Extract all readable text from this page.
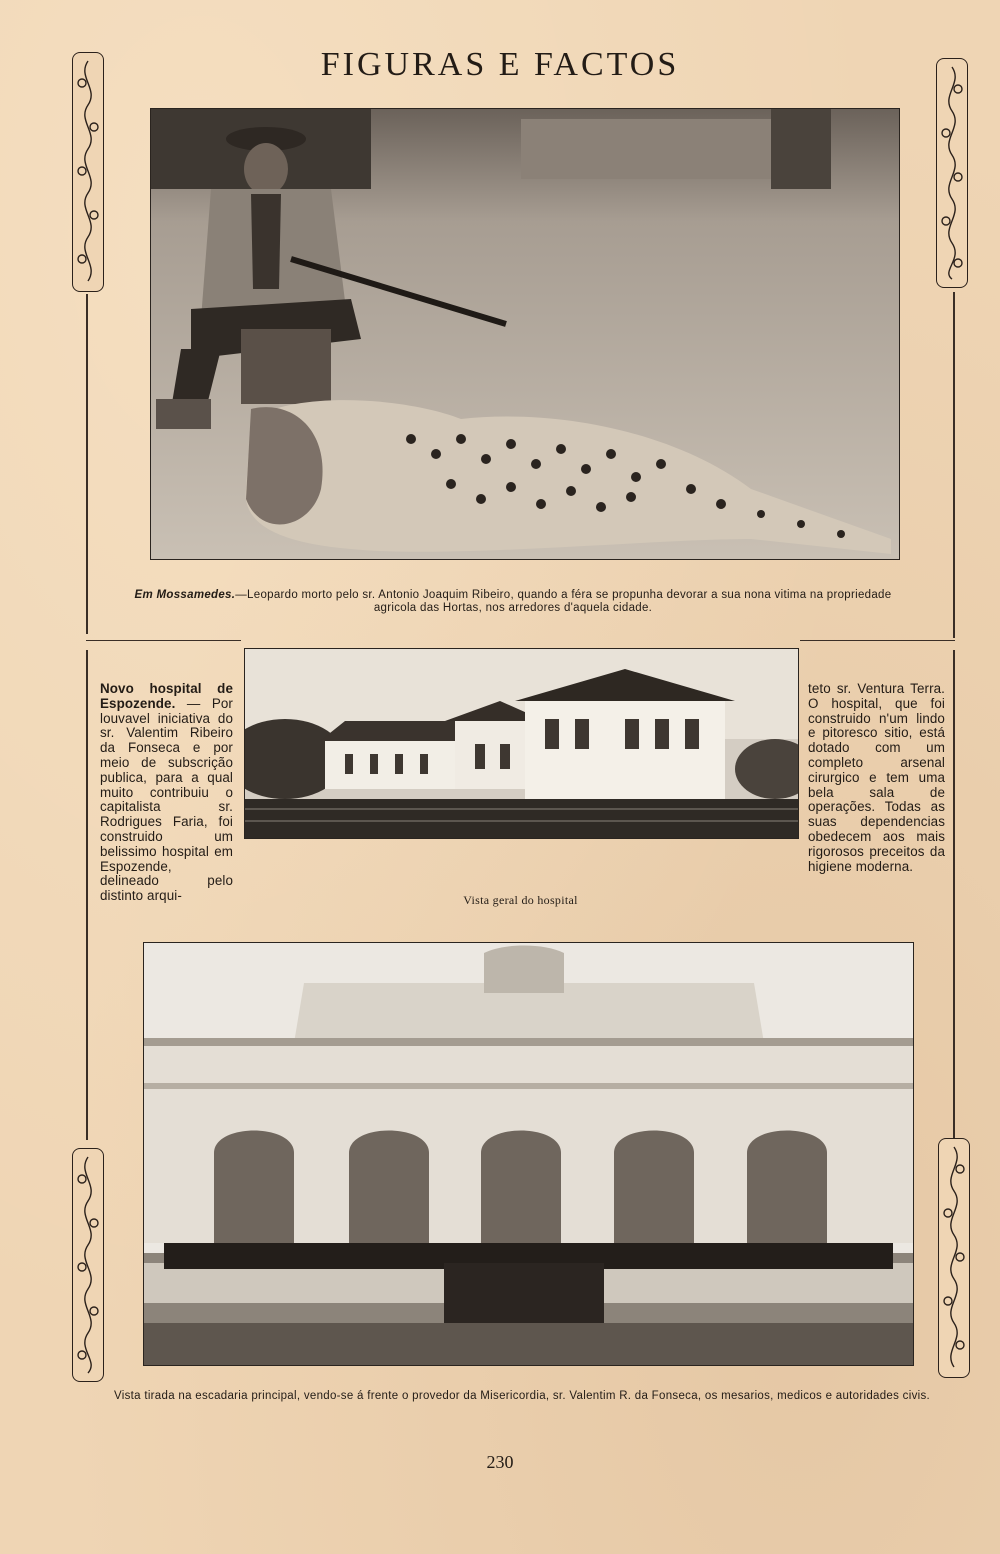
FIGURAS E FACTOS
Em Mossamedes.—Leopardo morto pelo sr. Antonio Joaquim Ribeiro, quando a féra se propunha devorar a sua nona vitima na propriedade agricola das Hortas, nos arredores d'aquela cidade.
Novo hospital de Espozende. — Por louvavel iniciativa do sr. Valentim Ribeiro da Fonseca e por meio de subscrição publica, para a qual muito contribuiu o capitalista sr. Rodrigues Faria, foi construido um belissimo hospital em Espozende, delineado pelo distinto arqui-	Vista geral do hospital
teto sr. Ventura Terra. O hospital, que foi construido n'um lindo e pitoresco sitio, está dotado com um completo arsenal cirurgico e tem uma bela sala de operações. Todas as suas dependencias obedecem aos mais rigorosos preceitos da higiene moderna.
Vista tirada na escadaria principal, vendo-se á frente o provedor da Misericordia, sr. Valentim R. da Fonseca, os mesarios, medicos e autoridades civis.
230
